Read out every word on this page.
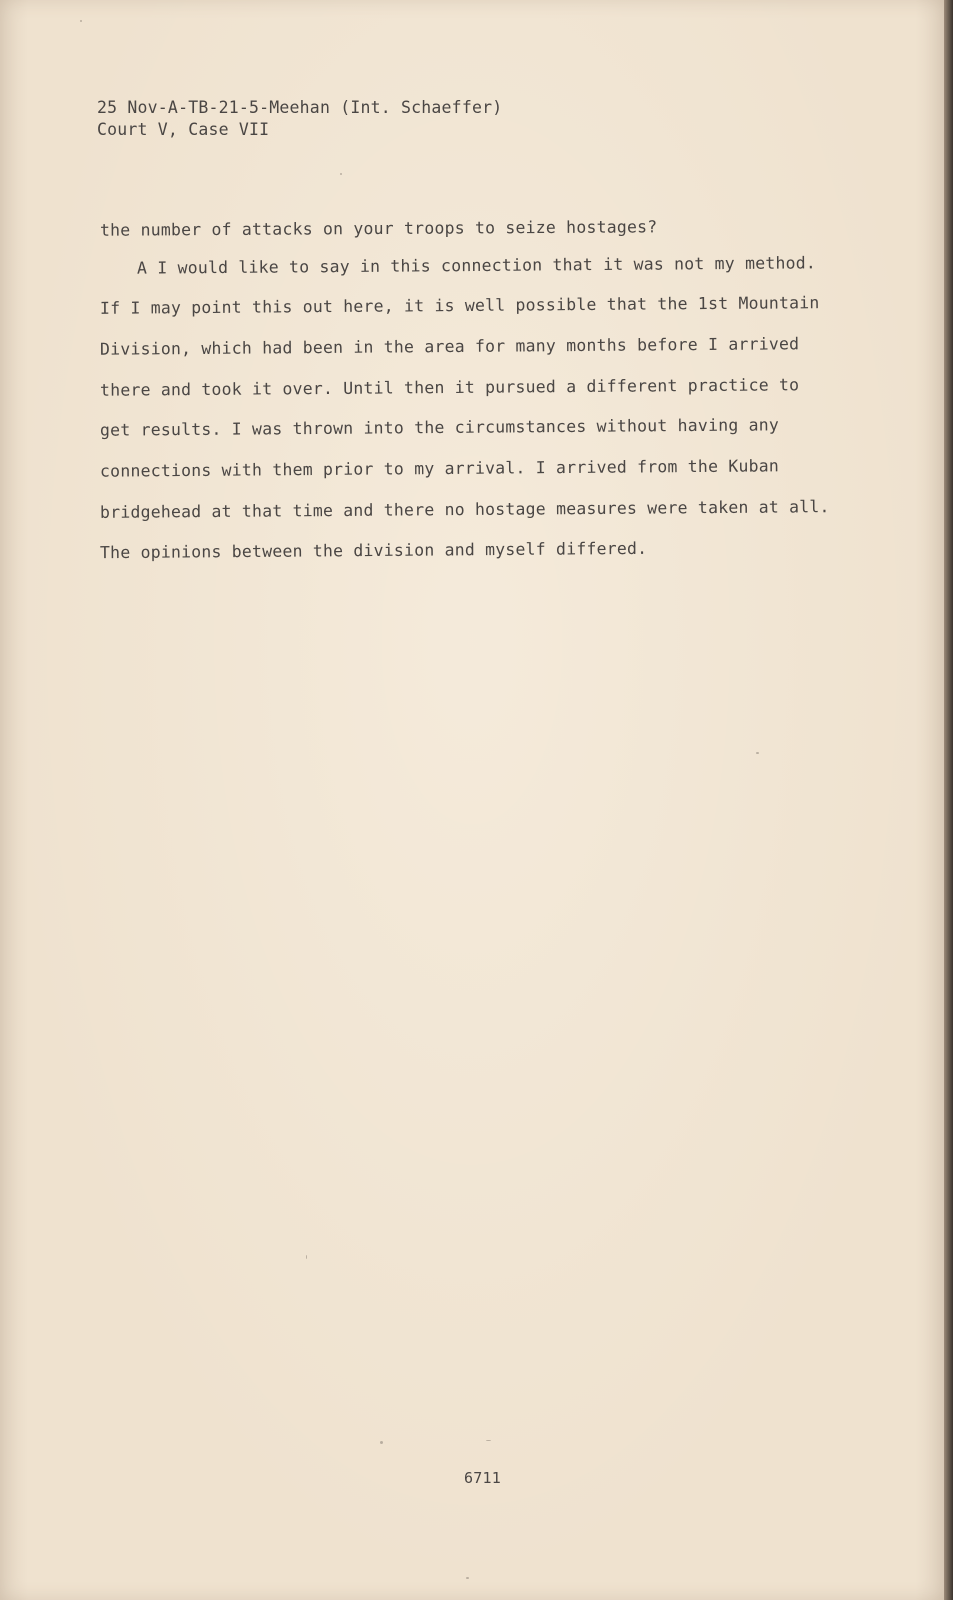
25 Nov-A-TB-21-5-Meehan (Int. Schaeffer)
Court V, Case VII
the number of attacks on your troops to seize hostages?
A I would like to say in this connection that it was not my method.
If I may point this out here, it is well possible that the 1st Mountain
Division, which had been in the area for many months before I arrived
there and took it over. Until then it pursued a different practice to
get results. I was thrown into the circumstances without having any
connections with them prior to my arrival. I arrived from the Kuban
bridgehead at that time and there no hostage measures were taken at all.
The opinions between the division and myself differed.
6711
